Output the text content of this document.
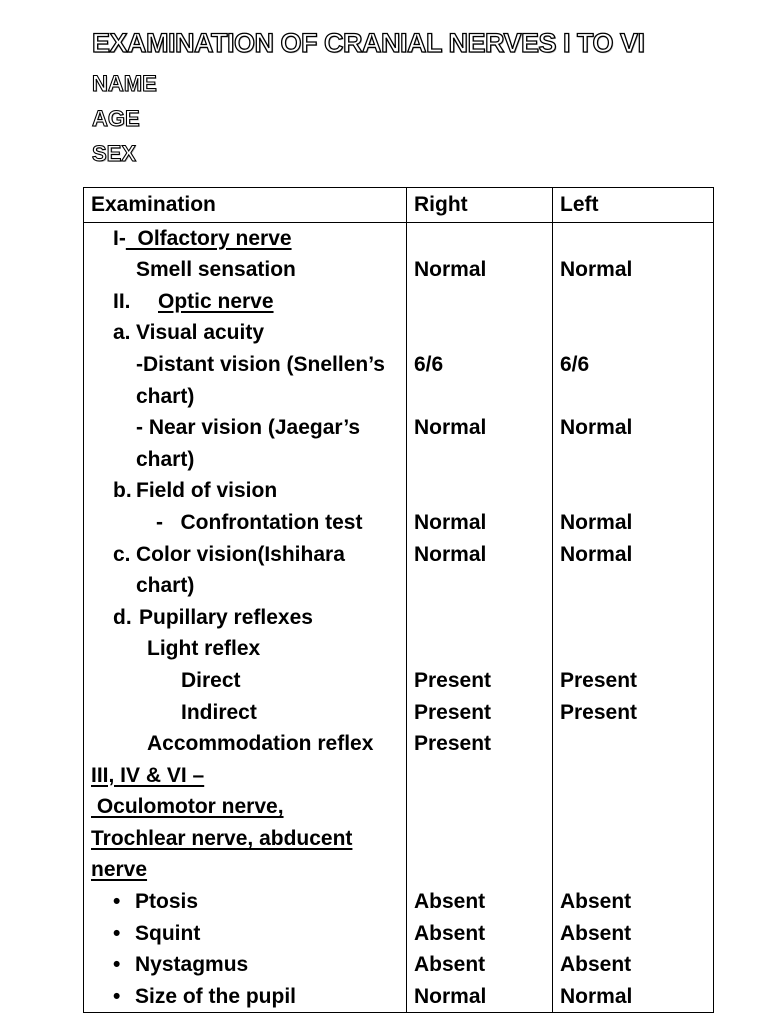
EXAMINATION OF CRANIAL NERVES I TO VI
NAME
AGE
SEX
Examination	Right	Left
I-  Olfactory nerve		
Smell sensation	Normal	Normal
II. Optic nerve		
a. Visual acuity		
-Distant vision (Snellen’s	6/6	6/6
chart)		
- Near vision (Jaegar’s	Normal	Normal
chart)		
b. Field of vision		
-   Confrontation test	Normal	Normal
c. Color vision(Ishihara	Normal	Normal
chart)		
d. Pupillary reflexes		
Light reflex		
Direct	Present	Present
Indirect	Present	Present
Accommodation reflex	Present	
III, IV & VI –		
Oculomotor nerve,		
Trochlear nerve, abducent		
nerve		
• Ptosis	Absent	Absent
• Squint	Absent	Absent
• Nystagmus	Absent	Absent
• Size of the pupil	Normal	Normal
